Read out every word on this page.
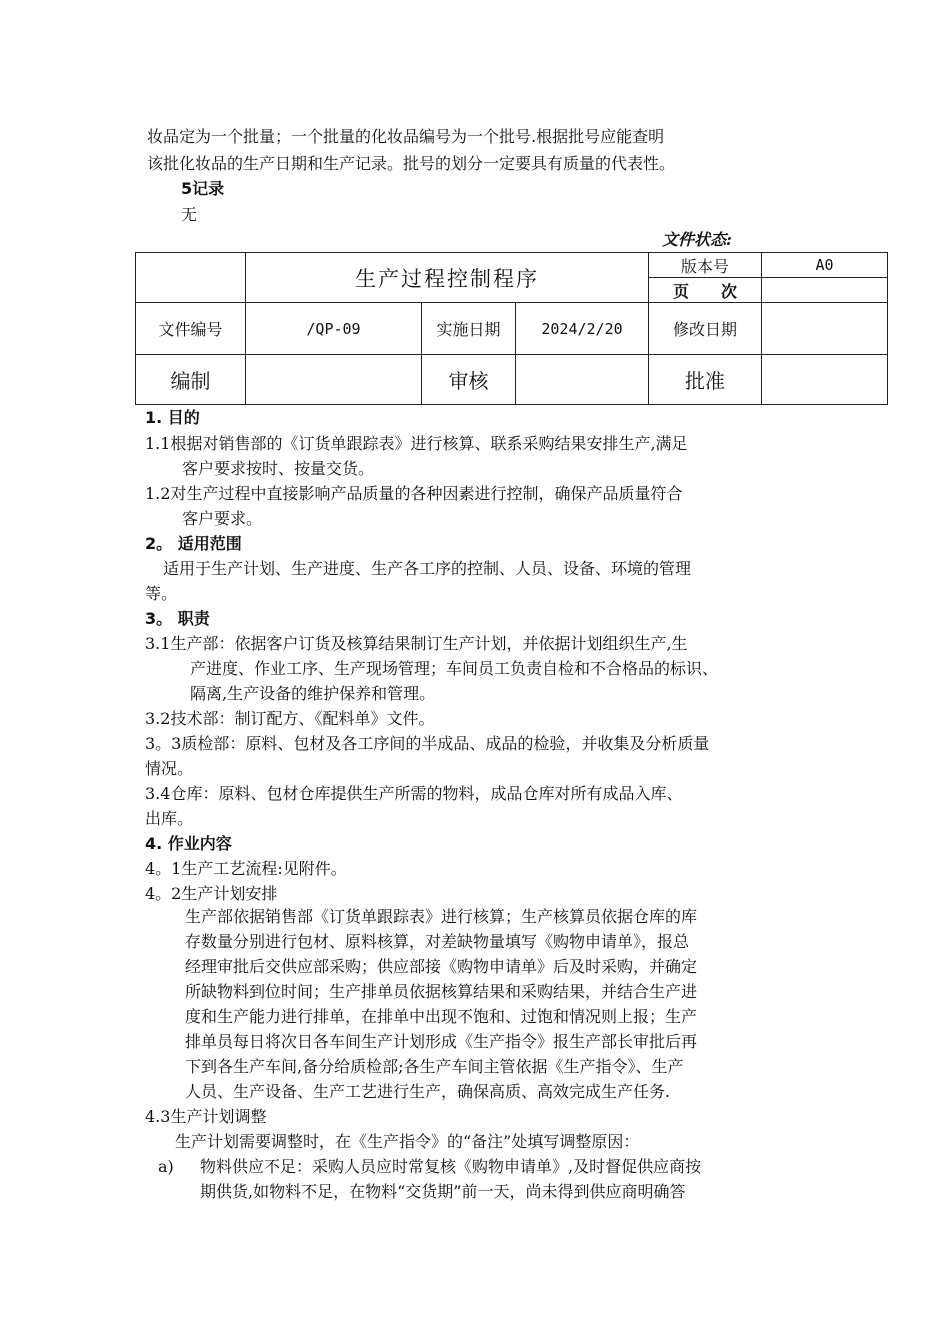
妆品定为一个批量；一个批量的化妆品编号为一个批号.根据批号应能查明
该批化妆品的生产日期和生产记录。批号的划分一定要具有质量的代表性。
5记录
无
文件状态:
	生产过程控制程序			版本号	A0
				页　　次	
文件编号	/QP-09	实施日期	2024/2/20	修改日期	
编制		审核		批准	
1. 目的
1.1根据对销售部的《订货单跟踪表》进行核算、联系采购结果安排生产,满足
客户要求按时、按量交货。
1.2对生产过程中直接影响产品质量的各种因素进行控制，确保产品质量符合
客户要求。
2。 适用范围
适用于生产计划、生产进度、生产各工序的控制、人员、设备、环境的管理
等。
3。 职责
3.1生产部：依据客户订货及核算结果制订生产计划，并依据计划组织生产,生
产进度、作业工序、生产现场管理；车间员工负责自检和不合格品的标识、
隔离,生产设备的维护保养和管理。
3.2技术部：制订配方、《配料单》文件。
3。3质检部：原料、包材及各工序间的半成品、成品的检验，并收集及分析质量
情况。
3.4仓库：原料、包材仓库提供生产所需的物料，成品仓库对所有成品入库、
出库。
4. 作业内容
4。1生产工艺流程:见附件。
4。2生产计划安排
生产部依据销售部《订货单跟踪表》进行核算；生产核算员依据仓库的库
存数量分别进行包材、原料核算，对差缺物量填写《购物申请单》，报总
经理审批后交供应部采购；供应部接《购物申请单》后及时采购，并确定
所缺物料到位时间；生产排单员依据核算结果和采购结果，并结合生产进
度和生产能力进行排单，在排单中出现不饱和、过饱和情况则上报；生产
排单员每日将次日各车间生产计划形成《生产指令》报生产部长审批后再
下到各生产车间,备分给质检部;各生产车间主管依据《生产指令》、生产
人员、生产设备、生产工艺进行生产，确保高质、高效完成生产任务.
4.3生产计划调整
生产计划需要调整时，在《生产指令》的“备注”处填写调整原因：
a) 物料供应不足：采购人员应时常复核《购物申请单》,及时督促供应商按
期供货,如物料不足，在物料“交货期”前一天，尚未得到供应商明确答
